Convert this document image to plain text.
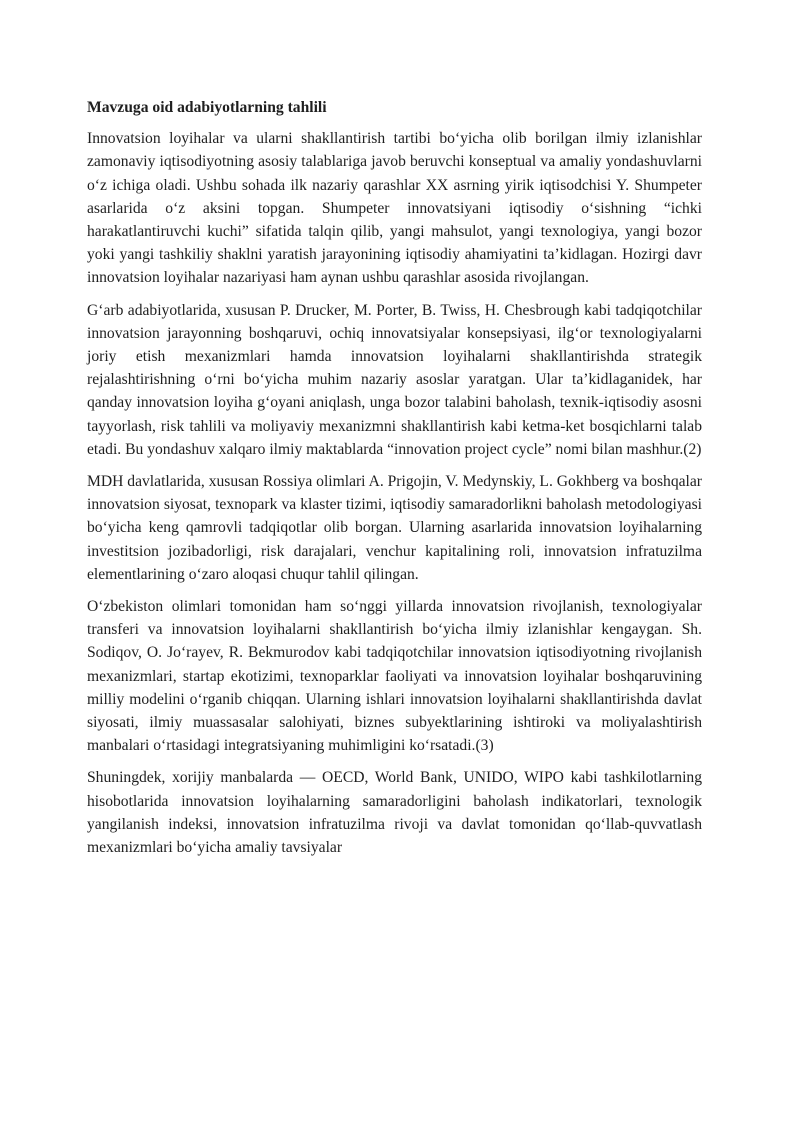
Mavzuga oid adabiyotlarning tahlili

Innovatsion loyihalar va ularni shakllantirish tartibi bo‘yicha olib borilgan ilmiy izlanishlar zamonaviy iqtisodiyotning asosiy talablariga javob beruvchi konseptual va amaliy yondashuvlarni o‘z ichiga oladi. Ushbu sohada ilk nazariy qarashlar XX asrning yirik iqtisodchisi Y. Shumpeter asarlarida o‘z aksini topgan. Shumpeter innovatsiyani iqtisodiy o‘sishning “ichki harakatlantiruvchi kuchi” sifatida talqin qilib, yangi mahsulot, yangi texnologiya, yangi bozor yoki yangi tashkiliy shaklni yaratish jarayonining iqtisodiy ahamiyatini ta’kidlagan. Hozirgi davr innovatsion loyihalar nazariyasi ham aynan ushbu qarashlar asosida rivojlangan.

G‘arb adabiyotlarida, xususan P. Drucker, M. Porter, B. Twiss, H. Chesbrough kabi tadqiqotchilar innovatsion jarayonning boshqaruvi, ochiq innovatsiyalar konsepsiyasi, ilg‘or texnologiyalarni joriy etish mexanizmlari hamda innovatsion loyihalarni shakllantirishda strategik rejalashtirishning o‘rni bo‘yicha muhim nazariy asoslar yaratgan. Ular ta’kidlaganidek, har qanday innovatsion loyiha g‘oyani aniqlash, unga bozor talabini baholash, texnik-iqtisodiy asosni tayyorlash, risk tahlili va moliyaviy mexanizmni shakllantirish kabi ketma-ket bosqichlarni talab etadi. Bu yondashuv xalqaro ilmiy maktablarda “innovation project cycle” nomi bilan mashhur.(2)

MDH davlatlarida, xususan Rossiya olimlari A. Prigojin, V. Medynskiy, L. Gokhberg va boshqalar innovatsion siyosat, texnopark va klaster tizimi, iqtisodiy samaradorlikni baholash metodologiyasi bo‘yicha keng qamrovli tadqiqotlar olib borgan. Ularning asarlarida innovatsion loyihalarning investitsion jozibadorligi, risk darajalari, venchur kapitalining roli, innovatsion infratuzilma elementlarining o‘zaro aloqasi chuqur tahlil qilingan.

O‘zbekiston olimlari tomonidan ham so‘nggi yillarda innovatsion rivojlanish, texnologiyalar transferi va innovatsion loyihalarni shakllantirish bo‘yicha ilmiy izlanishlar kengaygan. Sh. Sodiqov, O. Jo‘rayev, R. Bekmurodov kabi tadqiqotchilar innovatsion iqtisodiyotning rivojlanish mexanizmlari, startap ekotizimi, texnoparklar faoliyati va innovatsion loyihalar boshqaruvining milliy modelini o‘rganib chiqqan. Ularning ishlari innovatsion loyihalarni shakllantirishda davlat siyosati, ilmiy muassasalar salohiyati, biznes subyektlarining ishtiroki va moliyalashtirish manbalari o‘rtasidagi integratsiyaning muhimligini ko‘rsatadi.(3)

Shuningdek, xorijiy manbalarda — OECD, World Bank, UNIDO, WIPO kabi tashkilotlarning hisobotlarida innovatsion loyihalarning samaradorligini baholash indikatorlari, texnologik yangilanish indeksi, innovatsion infratuzilma rivoji va davlat tomonidan qo‘llab-quvvatlash mexanizmlari bo‘yicha amaliy tavsiyalar
